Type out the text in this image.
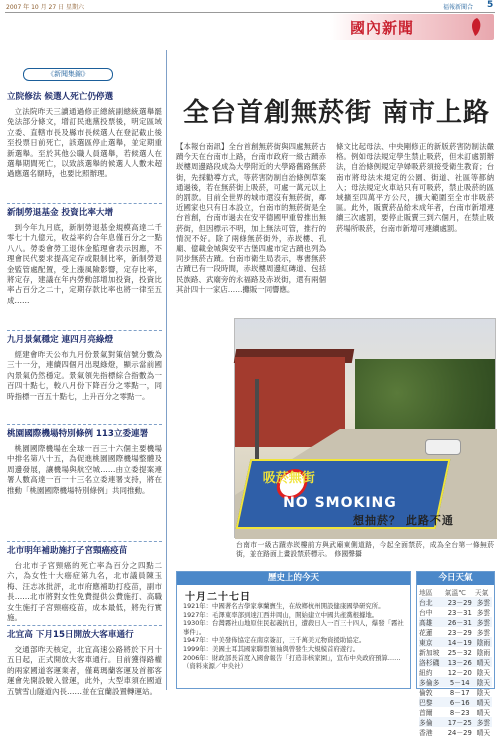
2007 年 10 月 27 日 星期六	福報新聞合 5
國內新聞
《新聞集錦》
立院修法 候選人死亡仍停選

立法院昨天三讀通過修正總統副總統選舉罷免法部分條文，增訂民進黨投票後，明定區域立委、直轄市長及縣市長候選人在登記截止後至投票日前死亡，該選區停止選舉，並定期重新選舉。至於其他公職人員選舉，若候選人在選舉期間死亡，以致該選舉的候選人人數未超過應選名額時，也要比照辦理。

新制勞退基金 投資比率大增

到今年九月底，新制勞退基金規模高達二千零七十九億元，收益率約合年息僅百分之一點八八。勞委會勞工退休金監理會表示因應，不理會民代要求提高定存或限制比率，新制勞退金監管處配置，受上漲風險影響，定存比率，將定存，建議在年内勞動部增加投資，投資比率占百分之二十，定期存款比率也將一律至五成……

九月景氣穩定 連四月亮綠燈

經建會昨天公布九月份景氣對策信號分數為三十一分，連續四個月出現綠燈，顯示當前國內景氣仍然穩定。景氣領先指標綜合指數為一百四十點七，較八月份下降百分之零點一，同時指標一百五十點七，上升百分之零點一。

桃園國際機場特別條例 113立委連署

桃園國際機場在全球一百三十六個主要機場中排名第八十五，為促進桃園國際機場整體及周邊發展，讓機場與航空城……由立委提案連署人數高達一百一十三名立委連署支持，將在推動「桃園國際機場特別條例」共同推動。

北市明年補助施打子宮頸癌疫苗

台北市子宮頸癌的死亡率為百分之四點二六，為女性十大癌症第九名，北市議員陳玉梅、汪志冰批評，北市府應補助打疫苗，副市長……北市將對女性免費提供公費施打、高職女生施打子宮頸癌疫苗，成本最低，將先行實施。

北宜高 下月15日開放大客車通行

交通部昨天核定，北宜高速公路將於下月十五日起，正式開放大客車通行。目前獲得路權的兩家國道客運業者，僅葛瑪蘭客運及首都客運會先開設駛入營運，此外，大型車須在國道五號雪山隧道內長……並在宜蘭設置轉運站。

全台首創無菸街 南市上路
【本報台南訊】全台首創無菸街與四處無菸古蹟今天在台南市上路，台南市政府一級古蹟赤崁樓周邊路段成為大學附近的大學路舊路無菸街，先採勸導方式，等菸害防制自治條例草案通過後，若在無菸街上吸菸，可處一萬元以上的罰款。目前全世界的城市還沒有無菸街，鄰近國家也只有日本設立，台南市的無菸街是全台首創，台南市過去在安平德國甲重曾推出無菸街，但因標示不明，加上無法可管，推行的情況不好。除了兩條無菸街外，赤崁樓、孔廟、億載金城與安平古堡四處市定古蹟也列為同步無菸古蹟。台南市衛生局表示，專書無菸古蹟已有一段時間，赤崁樓周邊紅磚道、包括民族路、武廟旁的永福路及赤崁街，還有兩個其計四十一家店……攤販一同響應。
條文比起母法、中央剛修正的新版菸害防制法嚴格。例如母法規定學生禁止吸菸，但未訂處罰辦法，自治條例規定孕婦吸菸須接受衛生教育；台南市將母法未規定的公園、街道、社區等都納入；母法規定火車站只有可吸菸，禁止吸菸的區域擴至四萬平方公尺，擴大範圍至全市非吸菸區。此外，販賣菸品給未成年者，台南市新增連續三次處罰，要停止販賣三到六個月，在禁止吸菸場所吸菸，台南市新增可連續處罰。
吸菸無街
NO SMOKING
想抽菸？ 此路不通
台南市一級古蹟赤崁樓前方與武廟東側道路，今起全面禁菸，成為全台第一條無菸街，並在路面上畫設禁菸標示。　修國聲攝
歷史上的今天
十月二十七日
1921年：中國著名古學家拿蘭竇生，在故鄉杭州開設健康國學研究所。
1927年：毛澤東率部到達江西井岡山，開始建立中國共產黨根據地。
1930年：台灣霧社山地原住民起義抗日，遭殺日人一百三十四人，爆發「霧社事件」。
1947年：中美發佈協定在南京簽訂，三千萬美元物資援助協定。
1999年：美國土耳其國家聯盟領袖與曾發生大規模首府遊行。
2006年：財政部長首度入國會報告「打造非核家園」，宣布中央政府預算……（資料來源／中央社）
今日天氣
地區	氣溫℃	天氣
台北	23－29	多雲
台中	23－31	多雲
高雄	26－31	多雲
花蓮	23－29	多雲
東京	14－19	陰雨
新加坡	25－32	陰雨
洛杉磯	13－26	晴天
紐約	12－20	陰天
多倫多	5－14	陰天
倫敦	8－17	陰天
巴黎	6－16	晴天
首爾	8－23	晴天
多倫	17－25	多雲
香港	24－29	晴天
